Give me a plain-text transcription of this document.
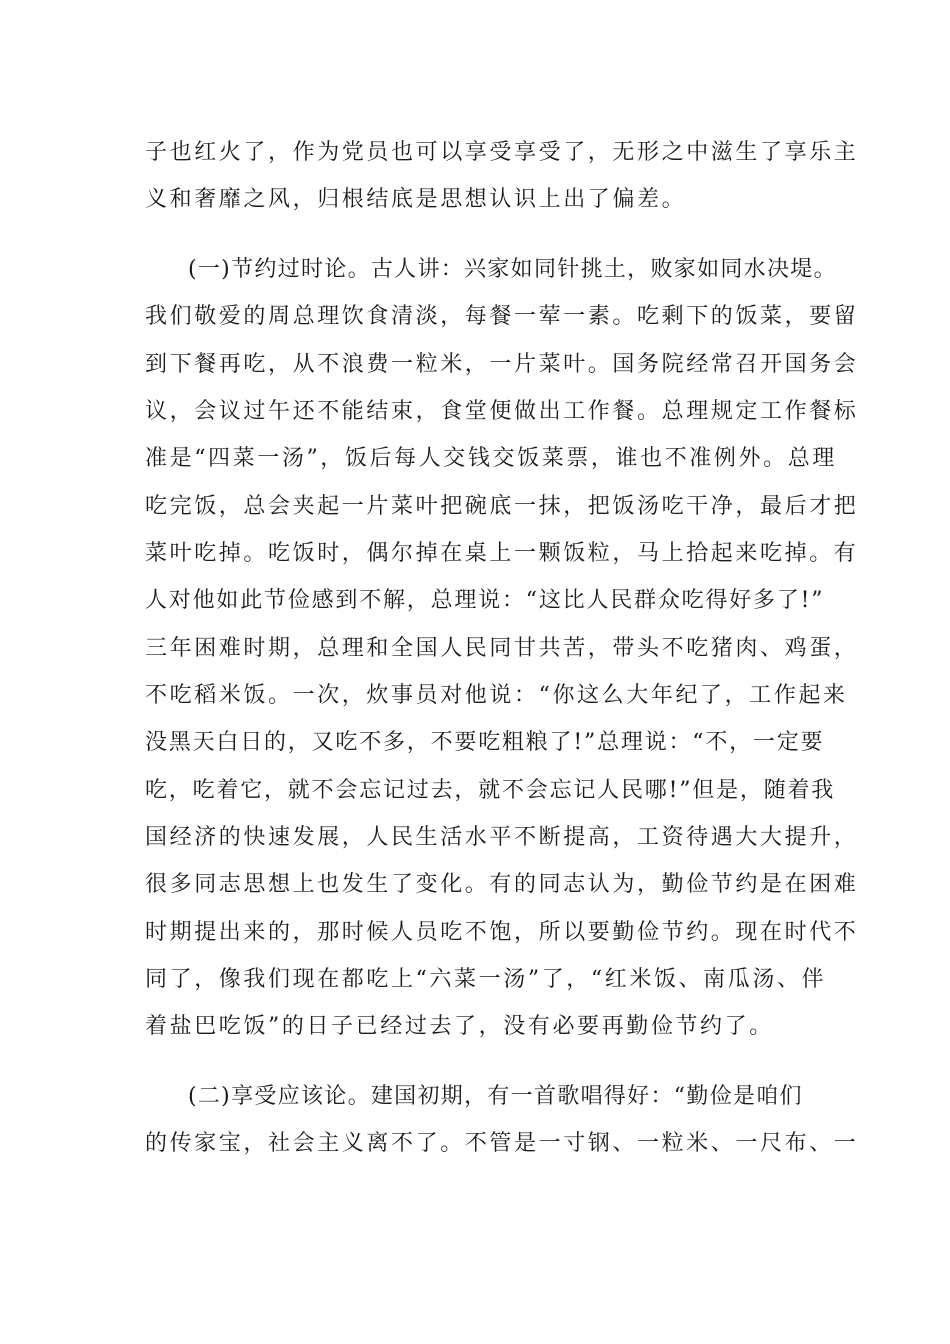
子也红火了，作为党员也可以享受享受了，无形之中滋生了享乐主
义和奢靡之风，归根结底是思想认识上出了偏差。
(一)节约过时论。古人讲：兴家如同针挑土，败家如同水决堤。
我们敬爱的周总理饮食清淡，每餐一荤一素。吃剩下的饭菜，要留
到下餐再吃，从不浪费一粒米，一片菜叶。国务院经常召开国务会
议，会议过午还不能结束，食堂便做出工作餐。总理规定工作餐标
准是“四菜一汤”，饭后每人交钱交饭菜票，谁也不准例外。总理
吃完饭，总会夹起一片菜叶把碗底一抹，把饭汤吃干净，最后才把
菜叶吃掉。吃饭时，偶尔掉在桌上一颗饭粒，马上拾起来吃掉。有
人对他如此节俭感到不解，总理说：“这比人民群众吃得好多了!”
三年困难时期，总理和全国人民同甘共苦，带头不吃猪肉、鸡蛋，
不吃稻米饭。一次，炊事员对他说：“你这么大年纪了，工作起来
没黑天白日的，又吃不多，不要吃粗粮了!”总理说：“不，一定要
吃，吃着它，就不会忘记过去，就不会忘记人民哪!”但是，随着我
国经济的快速发展，人民生活水平不断提高，工资待遇大大提升，
很多同志思想上也发生了变化。有的同志认为，勤俭节约是在困难
时期提出来的，那时候人员吃不饱，所以要勤俭节约。现在时代不
同了，像我们现在都吃上“六菜一汤”了，“红米饭、南瓜汤、伴
着盐巴吃饭”的日子已经过去了，没有必要再勤俭节约了。
(二)享受应该论。建国初期，有一首歌唱得好：“勤俭是咱们
的传家宝，社会主义离不了。不管是一寸钢、一粒米、一尺布、一
